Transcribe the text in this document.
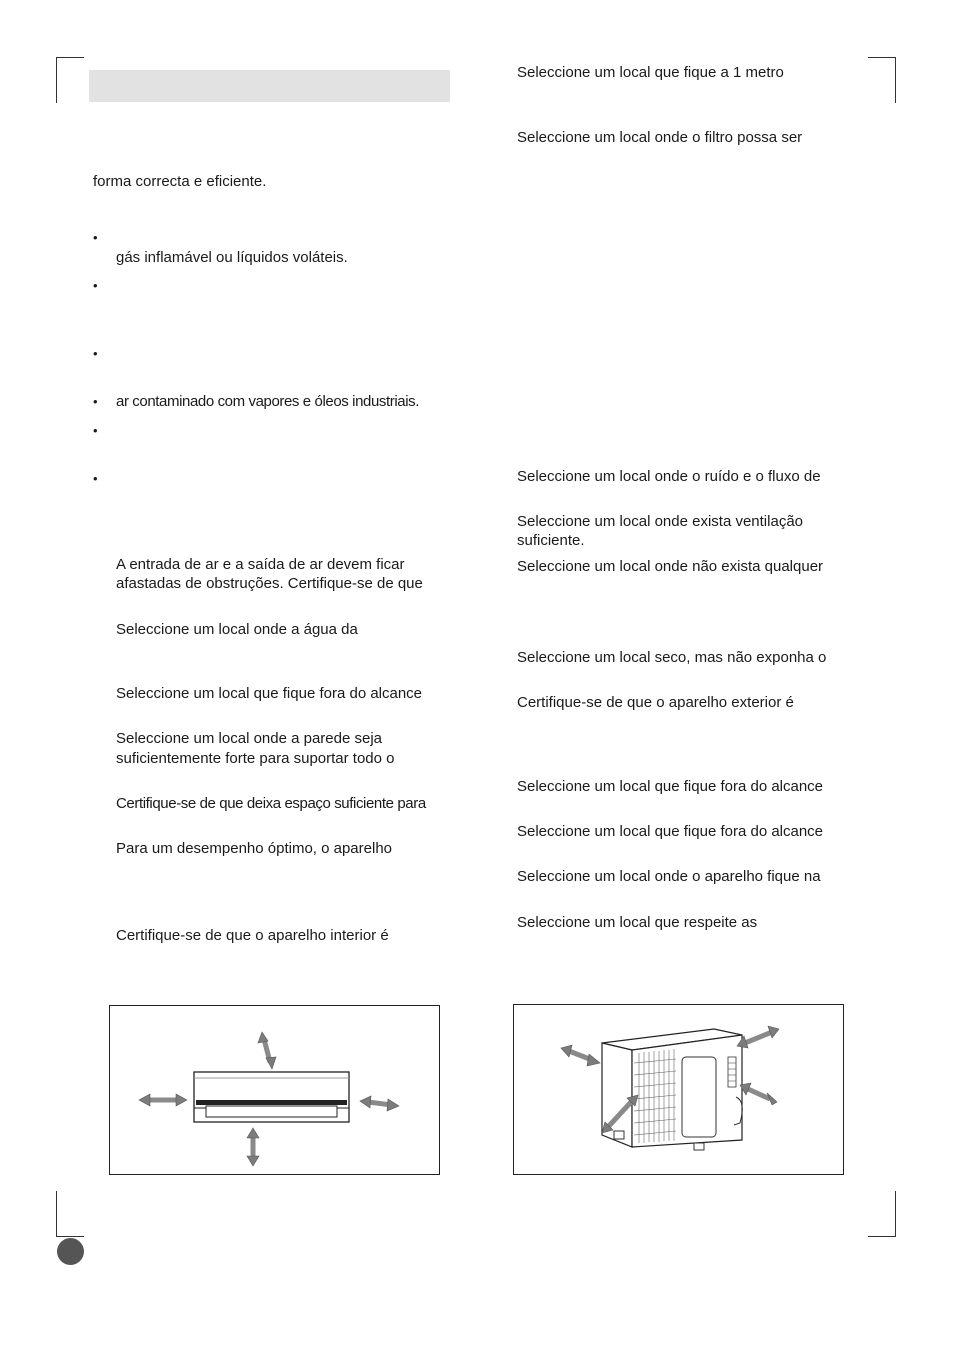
forma correcta e eficiente.
•
gás inflamável ou líquidos voláteis.
•
•
• ar contaminado com vapores e óleos industriais.
•
•
A entrada de ar e a saída de ar devem ficar
afastadas de obstruções. Certifique-se de que
Seleccione um local onde a água da
Seleccione um local que fique fora do alcance
Seleccione um local onde a parede seja
suficientemente forte para suportar todo o
Certifique-se de que deixa espaço suficiente para
Para um desempenho óptimo, o aparelho
Certifique-se de que o aparelho interior é
Seleccione um local que fique a 1 metro
Seleccione um local onde o filtro possa ser
Seleccione um local onde o ruído e o fluxo de
Seleccione um local onde exista ventilação
suficiente.
Seleccione um local onde não exista qualquer
Seleccione um local seco, mas não exponha o
Certifique-se de que o aparelho exterior é
Seleccione um local que fique fora do alcance
Seleccione um local que fique fora do alcance
Seleccione um local onde o aparelho fique na
Seleccione um local que respeite as
